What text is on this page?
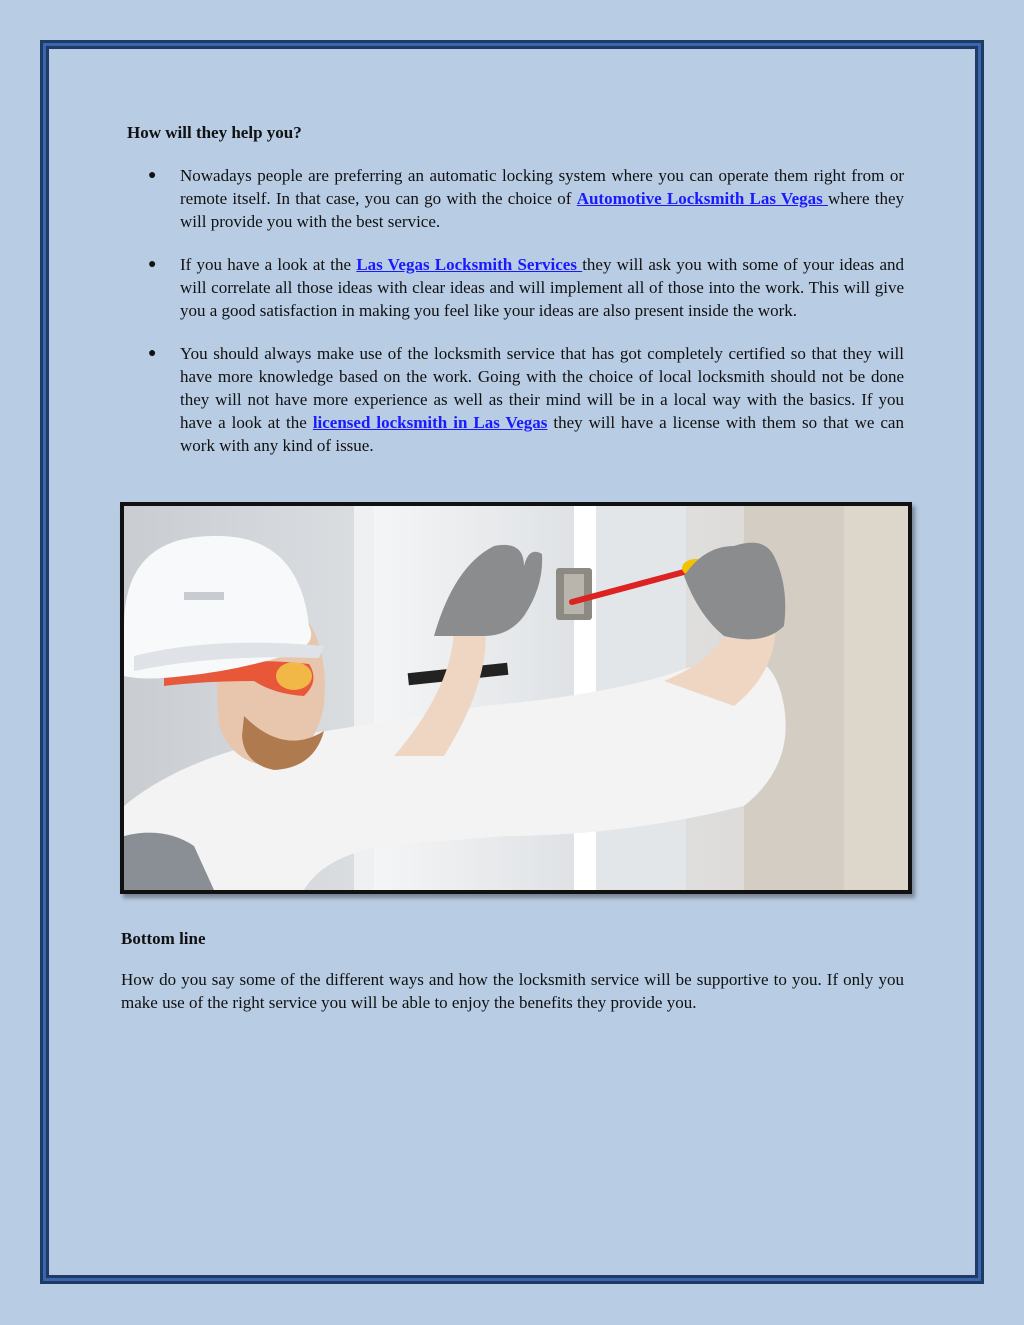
How will they help you?
● Nowadays people are preferring an automatic locking system where you can operate them right from or remote itself. In that case, you can go with the choice of Automotive Locksmith Las Vegas where they will provide you with the best service.
● If you have a look at the Las Vegas Locksmith Services they will ask you with some of your ideas and will correlate all those ideas with clear ideas and will implement all of those into the work. This will give you a good satisfaction in making you feel like your ideas are also present inside the work.
● You should always make use of the locksmith service that has got completely certified so that they will have more knowledge based on the work. Going with the choice of local locksmith should not be done they will not have more experience as well as their mind will be in a local way with the basics. If you have a look at the licensed locksmith in Las Vegas they will have a license with them so that we can work with any kind of issue.
Bottom line

How do you say some of the different ways and how the locksmith service will be supportive to you. If only you make use of the right service you will be able to enjoy the benefits they provide you.
